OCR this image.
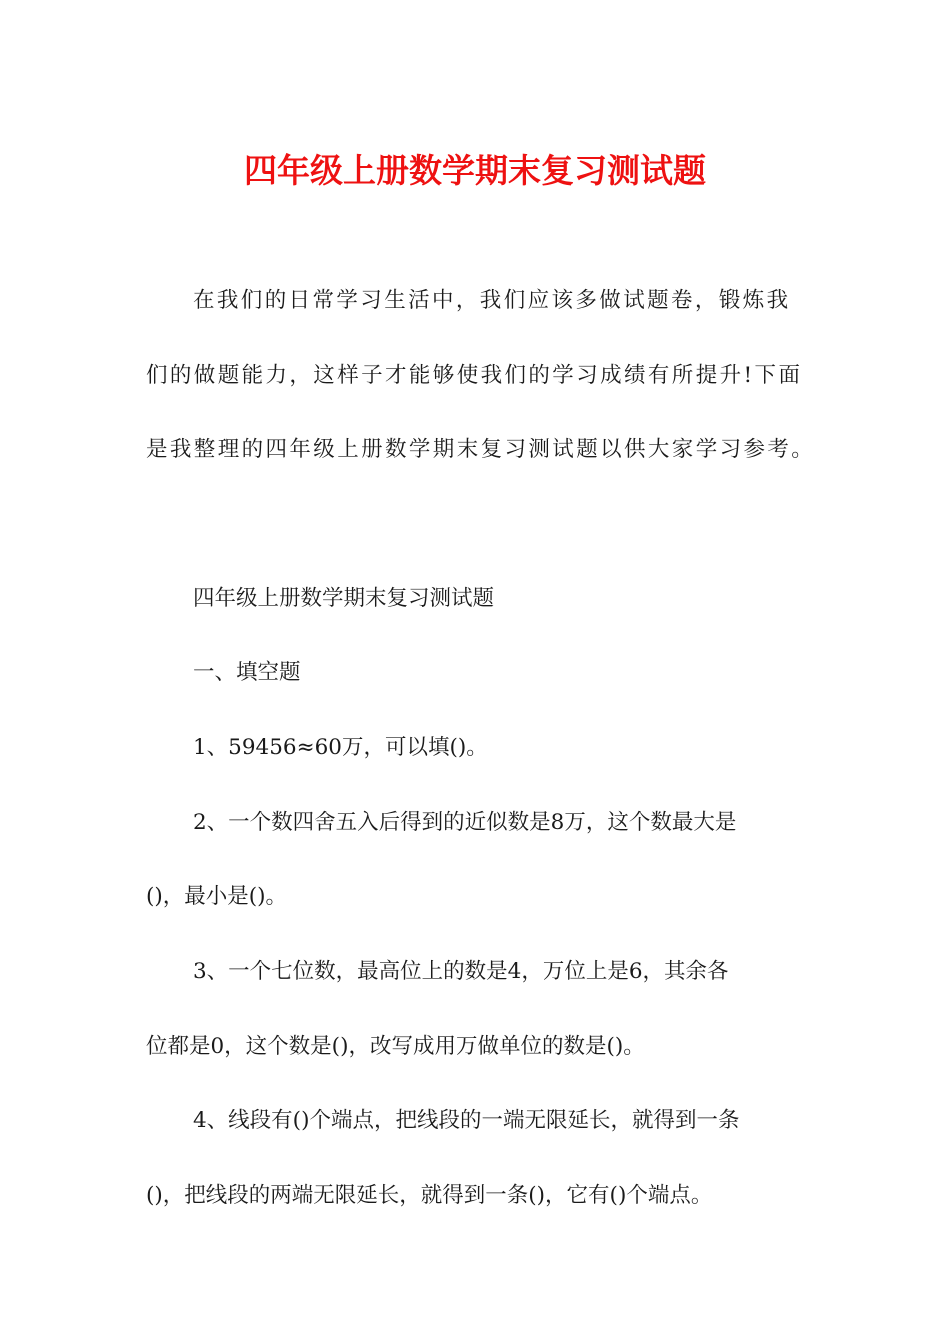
四年级上册数学期末复习测试题

在我们的日常学习生活中，我们应该多做试题卷，锻炼我

们的做题能力，这样子才能够使我们的学习成绩有所提升!下面

是我整理的四年级上册数学期末复习测试题以供大家学习参考。

四年级上册数学期末复习测试题

一、填空题

1、59456≈60万，可以填()。

2、一个数四舍五入后得到的近似数是8万，这个数最大是

()，最小是()。

3、一个七位数，最高位上的数是4，万位上是6，其余各

位都是0，这个数是()，改写成用万做单位的数是()。

4、线段有()个端点，把线段的一端无限延长，就得到一条

()，把线段的两端无限延长，就得到一条()，它有()个端点。
